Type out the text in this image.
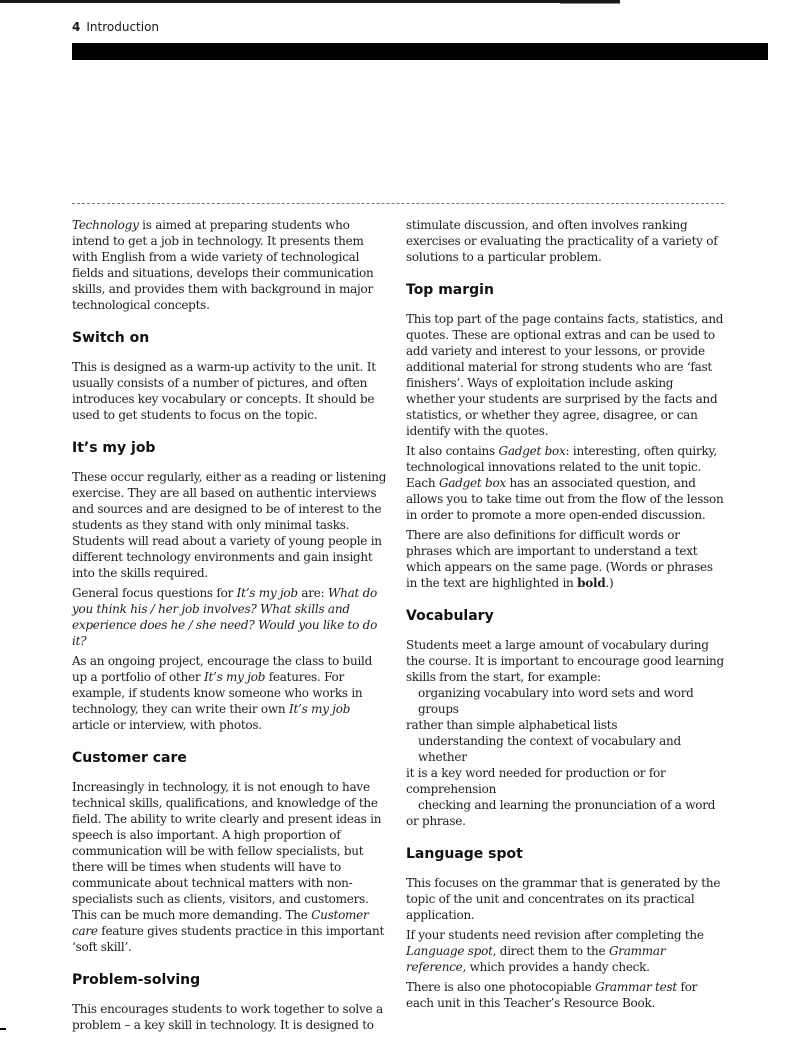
4 Introduction

Technology is aimed at preparing students who intend to get a job in technology. It presents them with English from a wide variety of technological fields and situations, develops their communication skills, and provides them with background in major technological concepts.

Switch on

This is designed as a warm-up activity to the unit. It usually consists of a number of pictures, and often introduces key vocabulary or concepts. It should be used to get students to focus on the topic.

It’s my job

These occur regularly, either as a reading or listening exercise. They are all based on authentic interviews and sources and are designed to be of interest to the students as they stand with only minimal tasks. Students will read about a variety of young people in different technology environments and gain insight into the skills required.

General focus questions for It’s my job are: What do you think his / her job involves? What skills and experience does he / she need? Would you like to do it?

As an ongoing project, encourage the class to build up a portfolio of other It’s my job features. For example, if students know someone who works in technology, they can write their own It’s my job article or interview, with photos.

Customer care

Increasingly in technology, it is not enough to have technical skills, qualifications, and knowledge of the field. The ability to write clearly and present ideas in speech is also important. A high proportion of communication will be with fellow specialists, but there will be times when students will have to communicate about technical matters with non-specialists such as clients, visitors, and customers. This can be much more demanding. The Customer care feature gives students practice in this important ‘soft skill’.

Problem-solving

This encourages students to work together to solve a problem – a key skill in technology. It is designed to

stimulate discussion, and often involves ranking exercises or evaluating the practicality of a variety of solutions to a particular problem.

Top margin

This top part of the page contains facts, statistics, and quotes. These are optional extras and can be used to add variety and interest to your lessons, or provide additional material for strong students who are ‘fast finishers’. Ways of exploitation include asking whether your students are surprised by the facts and statistics, or whether they agree, disagree, or can identify with the quotes.

It also contains Gadget box: interesting, often quirky, technological innovations related to the unit topic. Each Gadget box has an associated question, and allows you to take time out from the flow of the lesson in order to promote a more open-ended discussion.

There are also definitions for difficult words or phrases which are important to understand a text which appears on the same page. (Words or phrases in the text are highlighted in bold.)

Vocabulary

Students meet a large amount of vocabulary during the course. It is important to encourage good learning skills from the start, for example:

organizing vocabulary into word sets and word groups

rather than simple alphabetical lists

understanding the context of vocabulary and whether

it is a key word needed for production or for

comprehension

checking and learning the pronunciation of a word

or phrase.

Language spot

This focuses on the grammar that is generated by the topic of the unit and concentrates on its practical application.

If your students need revision after completing the Language spot, direct them to the Grammar reference, which provides a handy check.

There is also one photocopiable Grammar test for each unit in this Teacher’s Resource Book.
